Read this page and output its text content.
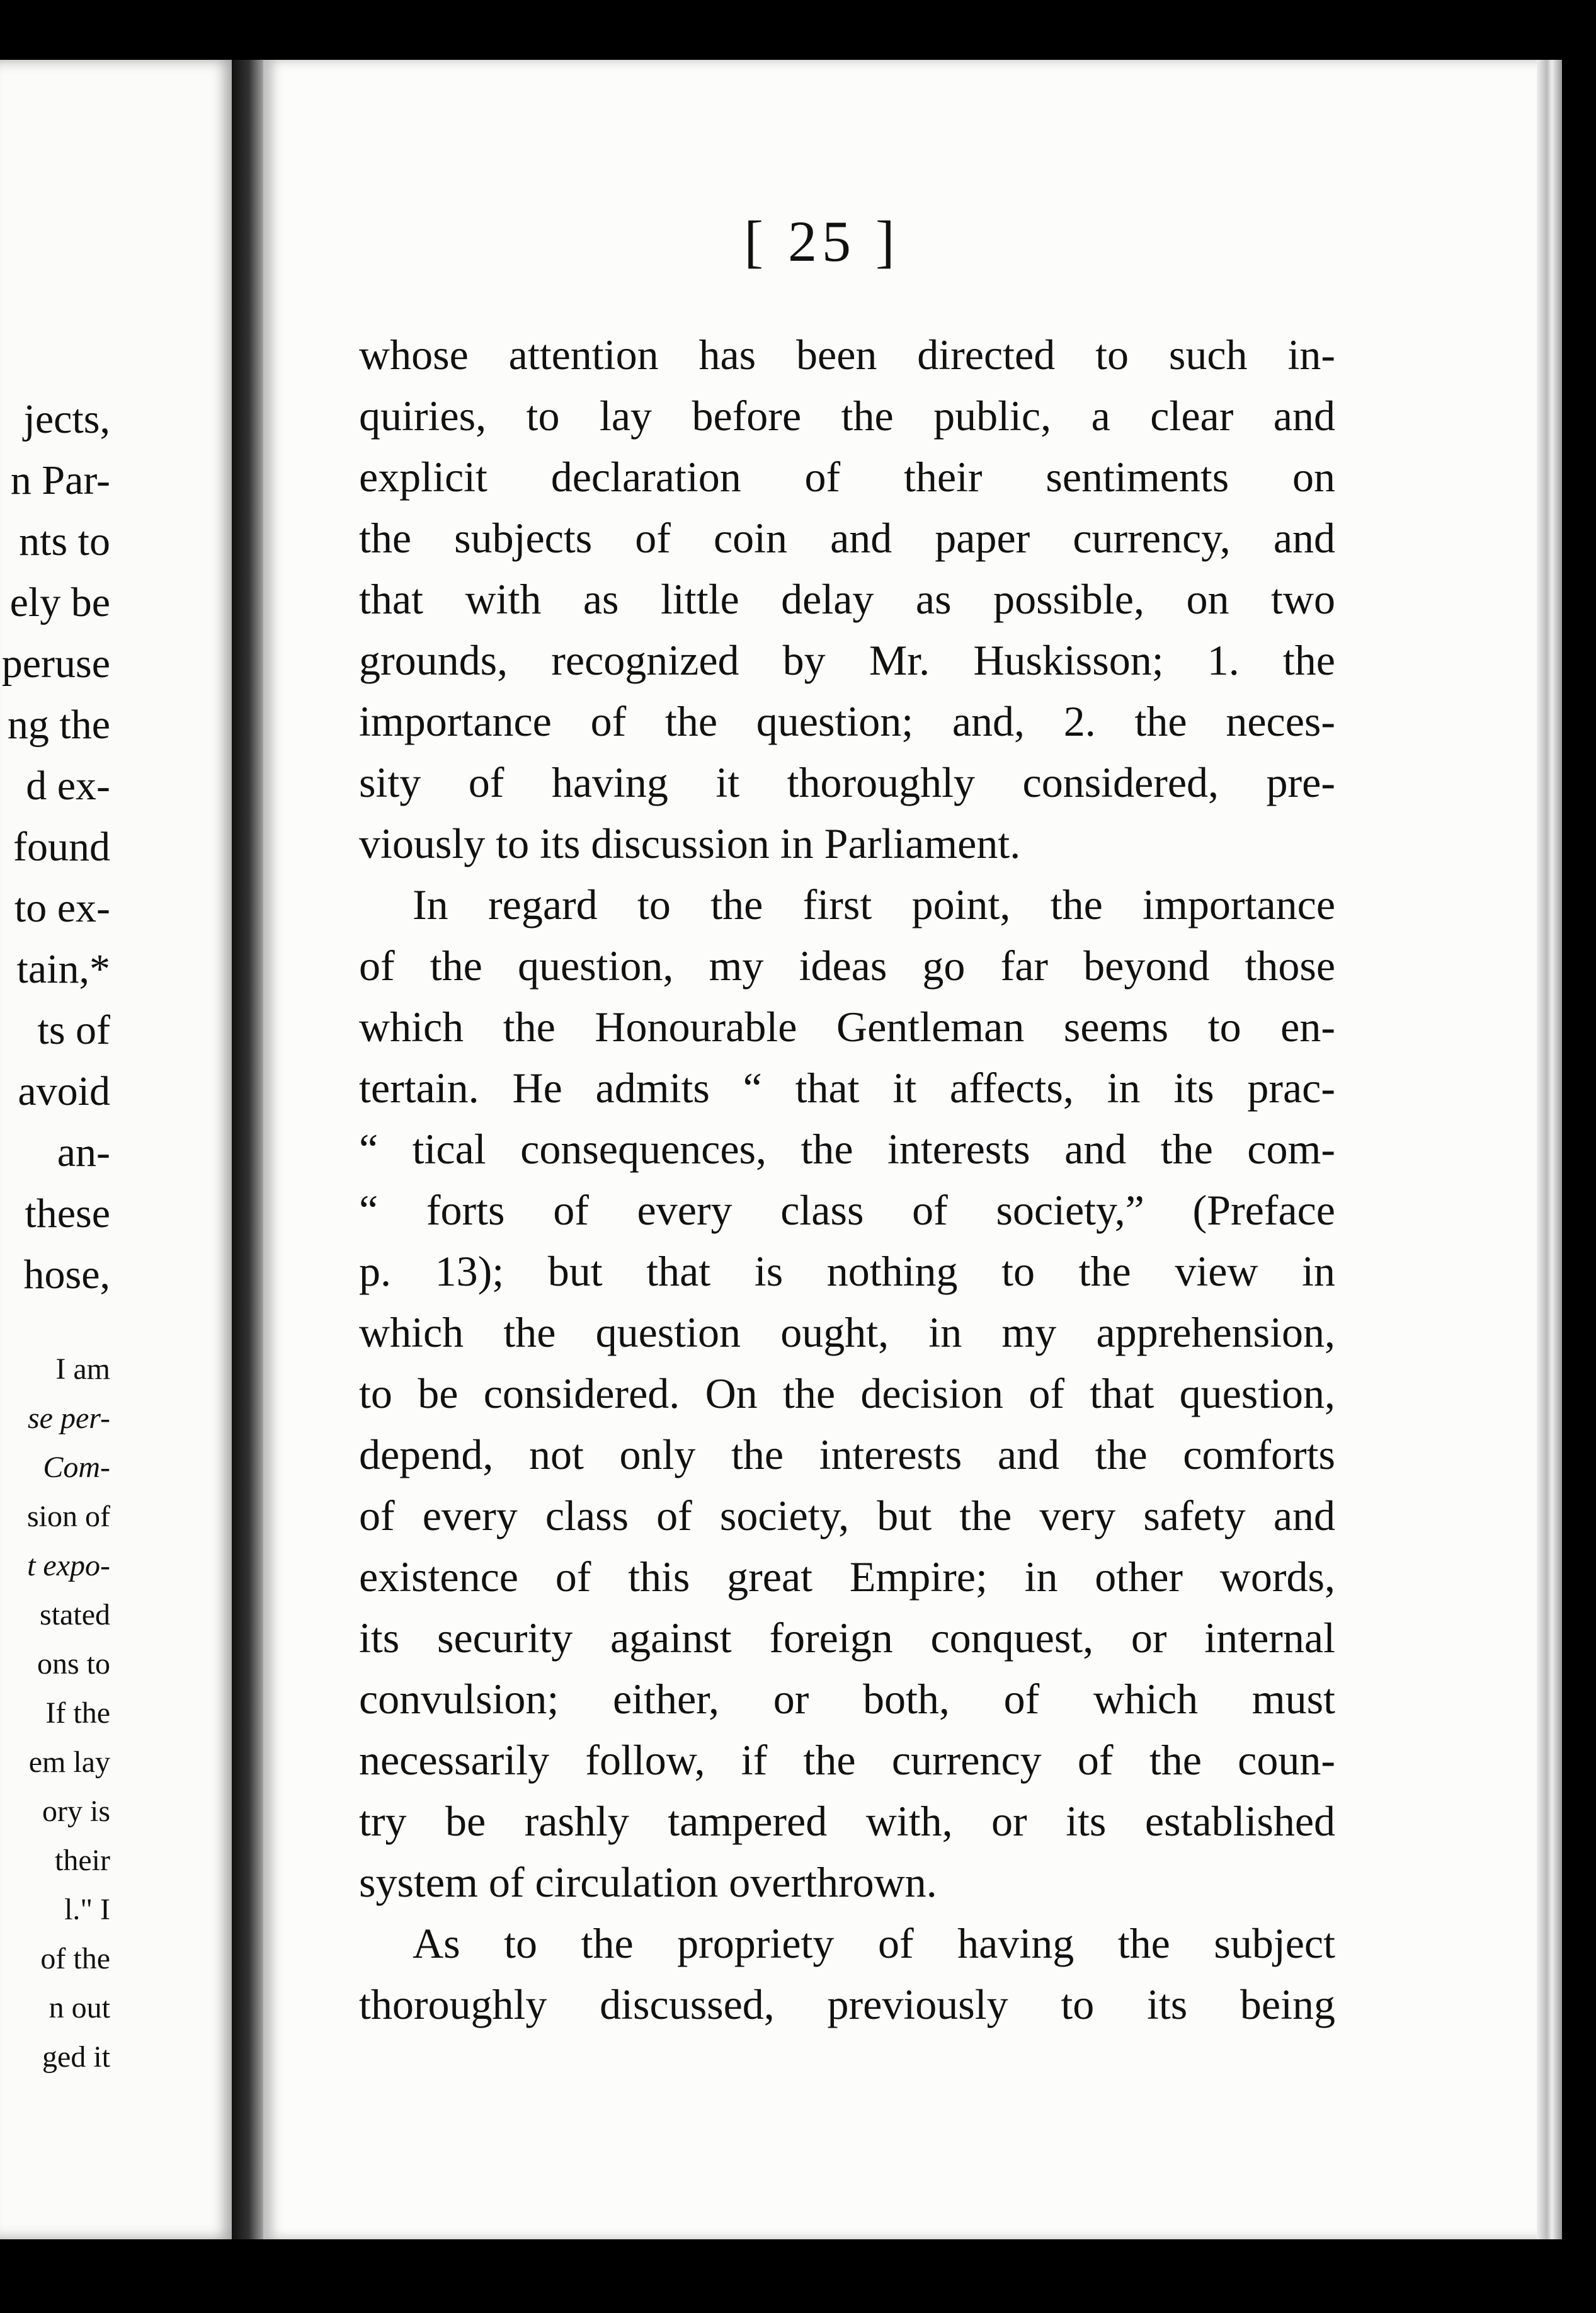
jects,
n Par-
nts to
ely be
peruse
ng the
d ex-
found
to ex-
tain,*
ts of
avoid
an-
these
hose,
I am
se per-
Com-
sion of
t expo-
stated
ons to
If the
em lay
ory is
their
l." I
of the
n out
ged it
[ 25 ]
whose attention has been directed to such in-
quiries, to lay before the public, a clear and
explicit declaration of their sentiments on
the subjects of coin and paper currency, and
that with as little delay as possible, on two
grounds, recognized by Mr. Huskisson; 1. the
importance of the question; and, 2. the neces-
sity of having it thoroughly considered, pre-
viously to its discussion in Parliament.
In regard to the first point, the importance
of the question, my ideas go far beyond those
which the Honourable Gentleman seems to en-
tertain. He admits “ that it affects, in its prac-
“ tical consequences, the interests and the com-
“ forts of every class of society,” (Preface
p. 13); but that is nothing to the view in
which the question ought, in my apprehension,
to be considered. On the decision of that question,
depend, not only the interests and the comforts
of every class of society, but the very safety and
existence of this great Empire; in other words,
its security against foreign conquest, or internal
convulsion; either, or both, of which must
necessarily follow, if the currency of the coun-
try be rashly tampered with, or its established
system of circulation overthrown.
As to the propriety of having the subject
thoroughly discussed, previously to its being
